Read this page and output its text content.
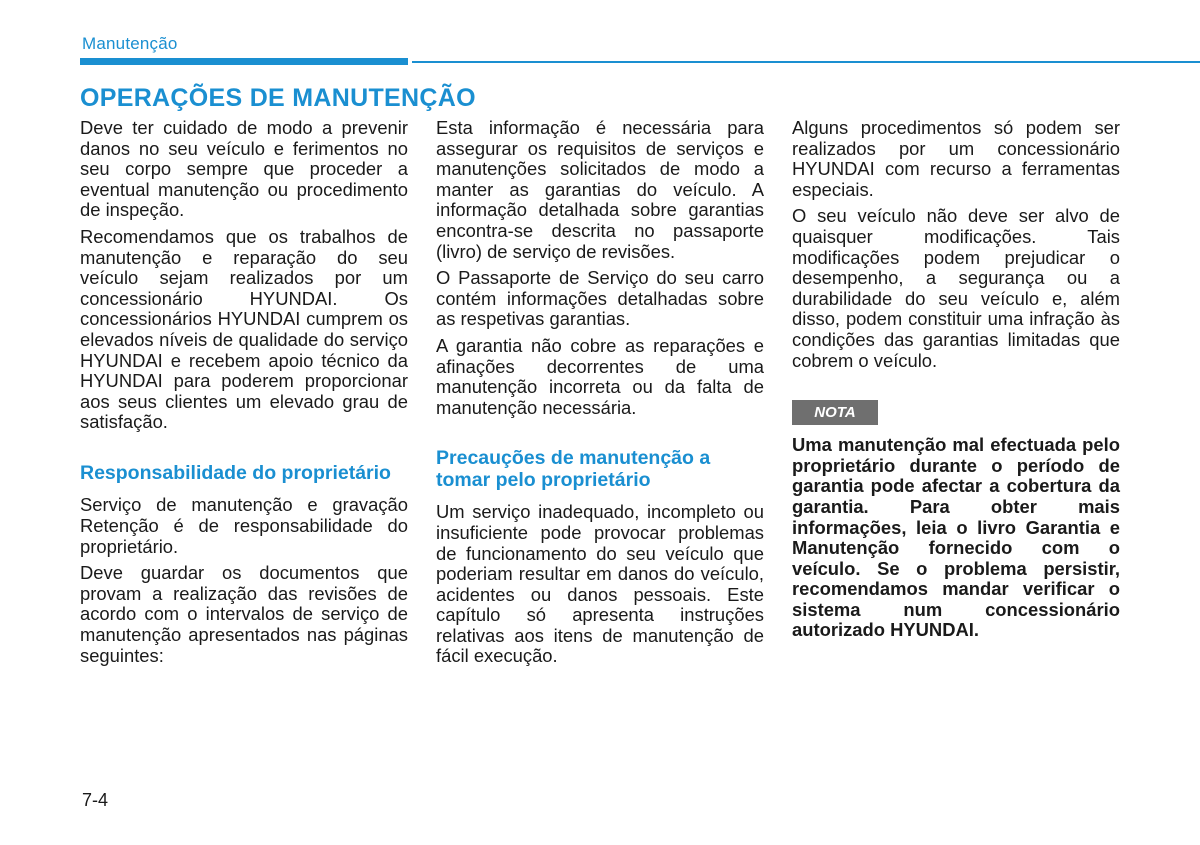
Manutenção
OPERAÇÕES DE MANUTENÇÃO

Deve ter cuidado de modo a prevenir danos no seu veículo e ferimentos no seu corpo sempre que proceder a eventual manutenção ou procedimento de inspeção.

Recomendamos que os trabalhos de manutenção e reparação do seu veículo sejam realizados por um concessionário HYUNDAI. Os concessionários HYUNDAI cumprem os elevados níveis de qualidade do serviço HYUNDAI e recebem apoio técnico da HYUNDAI para poderem proporcionar aos seus clientes um elevado grau de satisfação.

Responsabilidade do proprietário

Serviço de manutenção e gravação Retenção é de responsabilidade do proprietário.

Deve guardar os documentos que provam a realização das revisões de acordo com o intervalos de serviço de manutenção apresentados nas páginas seguintes:

Esta informação é necessária para assegurar os requisitos de serviços e manutenções solicitados de modo a manter as garantias do veículo. A informação detalhada sobre garantias encontra-se descrita no passaporte (livro) de serviço de revisões.

O Passaporte de Serviço do seu carro contém informações detalhadas sobre as respetivas garantias.

A garantia não cobre as reparações e afinações decorrentes de uma manutenção incorreta ou da falta de manutenção necessária.

Precauções de manutenção a tomar pelo proprietário

Um serviço inadequado, incompleto ou insuficiente pode provocar problemas de funcionamento do seu veículo que poderiam resultar em danos do veículo, acidentes ou danos pessoais. Este capítulo só apresenta instruções relativas aos itens de manutenção de fácil execução.

Alguns procedimentos só podem ser realizados por um concessionário HYUNDAI com recurso a ferramentas especiais.

O seu veículo não deve ser alvo de quaisquer modificações. Tais modificações podem prejudicar o desempenho, a segurança ou a durabilidade do seu veículo e, além disso, podem constituir uma infração às condições das garantias limitadas que cobrem o veículo.

NOTA

Uma manutenção mal efectuada pelo proprietário durante o período de garantia pode afectar a cobertura da garantia. Para obter mais informações, leia o livro Garantia e Manutenção fornecido com o veículo. Se o problema persistir, recomendamos mandar verificar o sistema num concessionário autorizado HYUNDAI.

7-4
